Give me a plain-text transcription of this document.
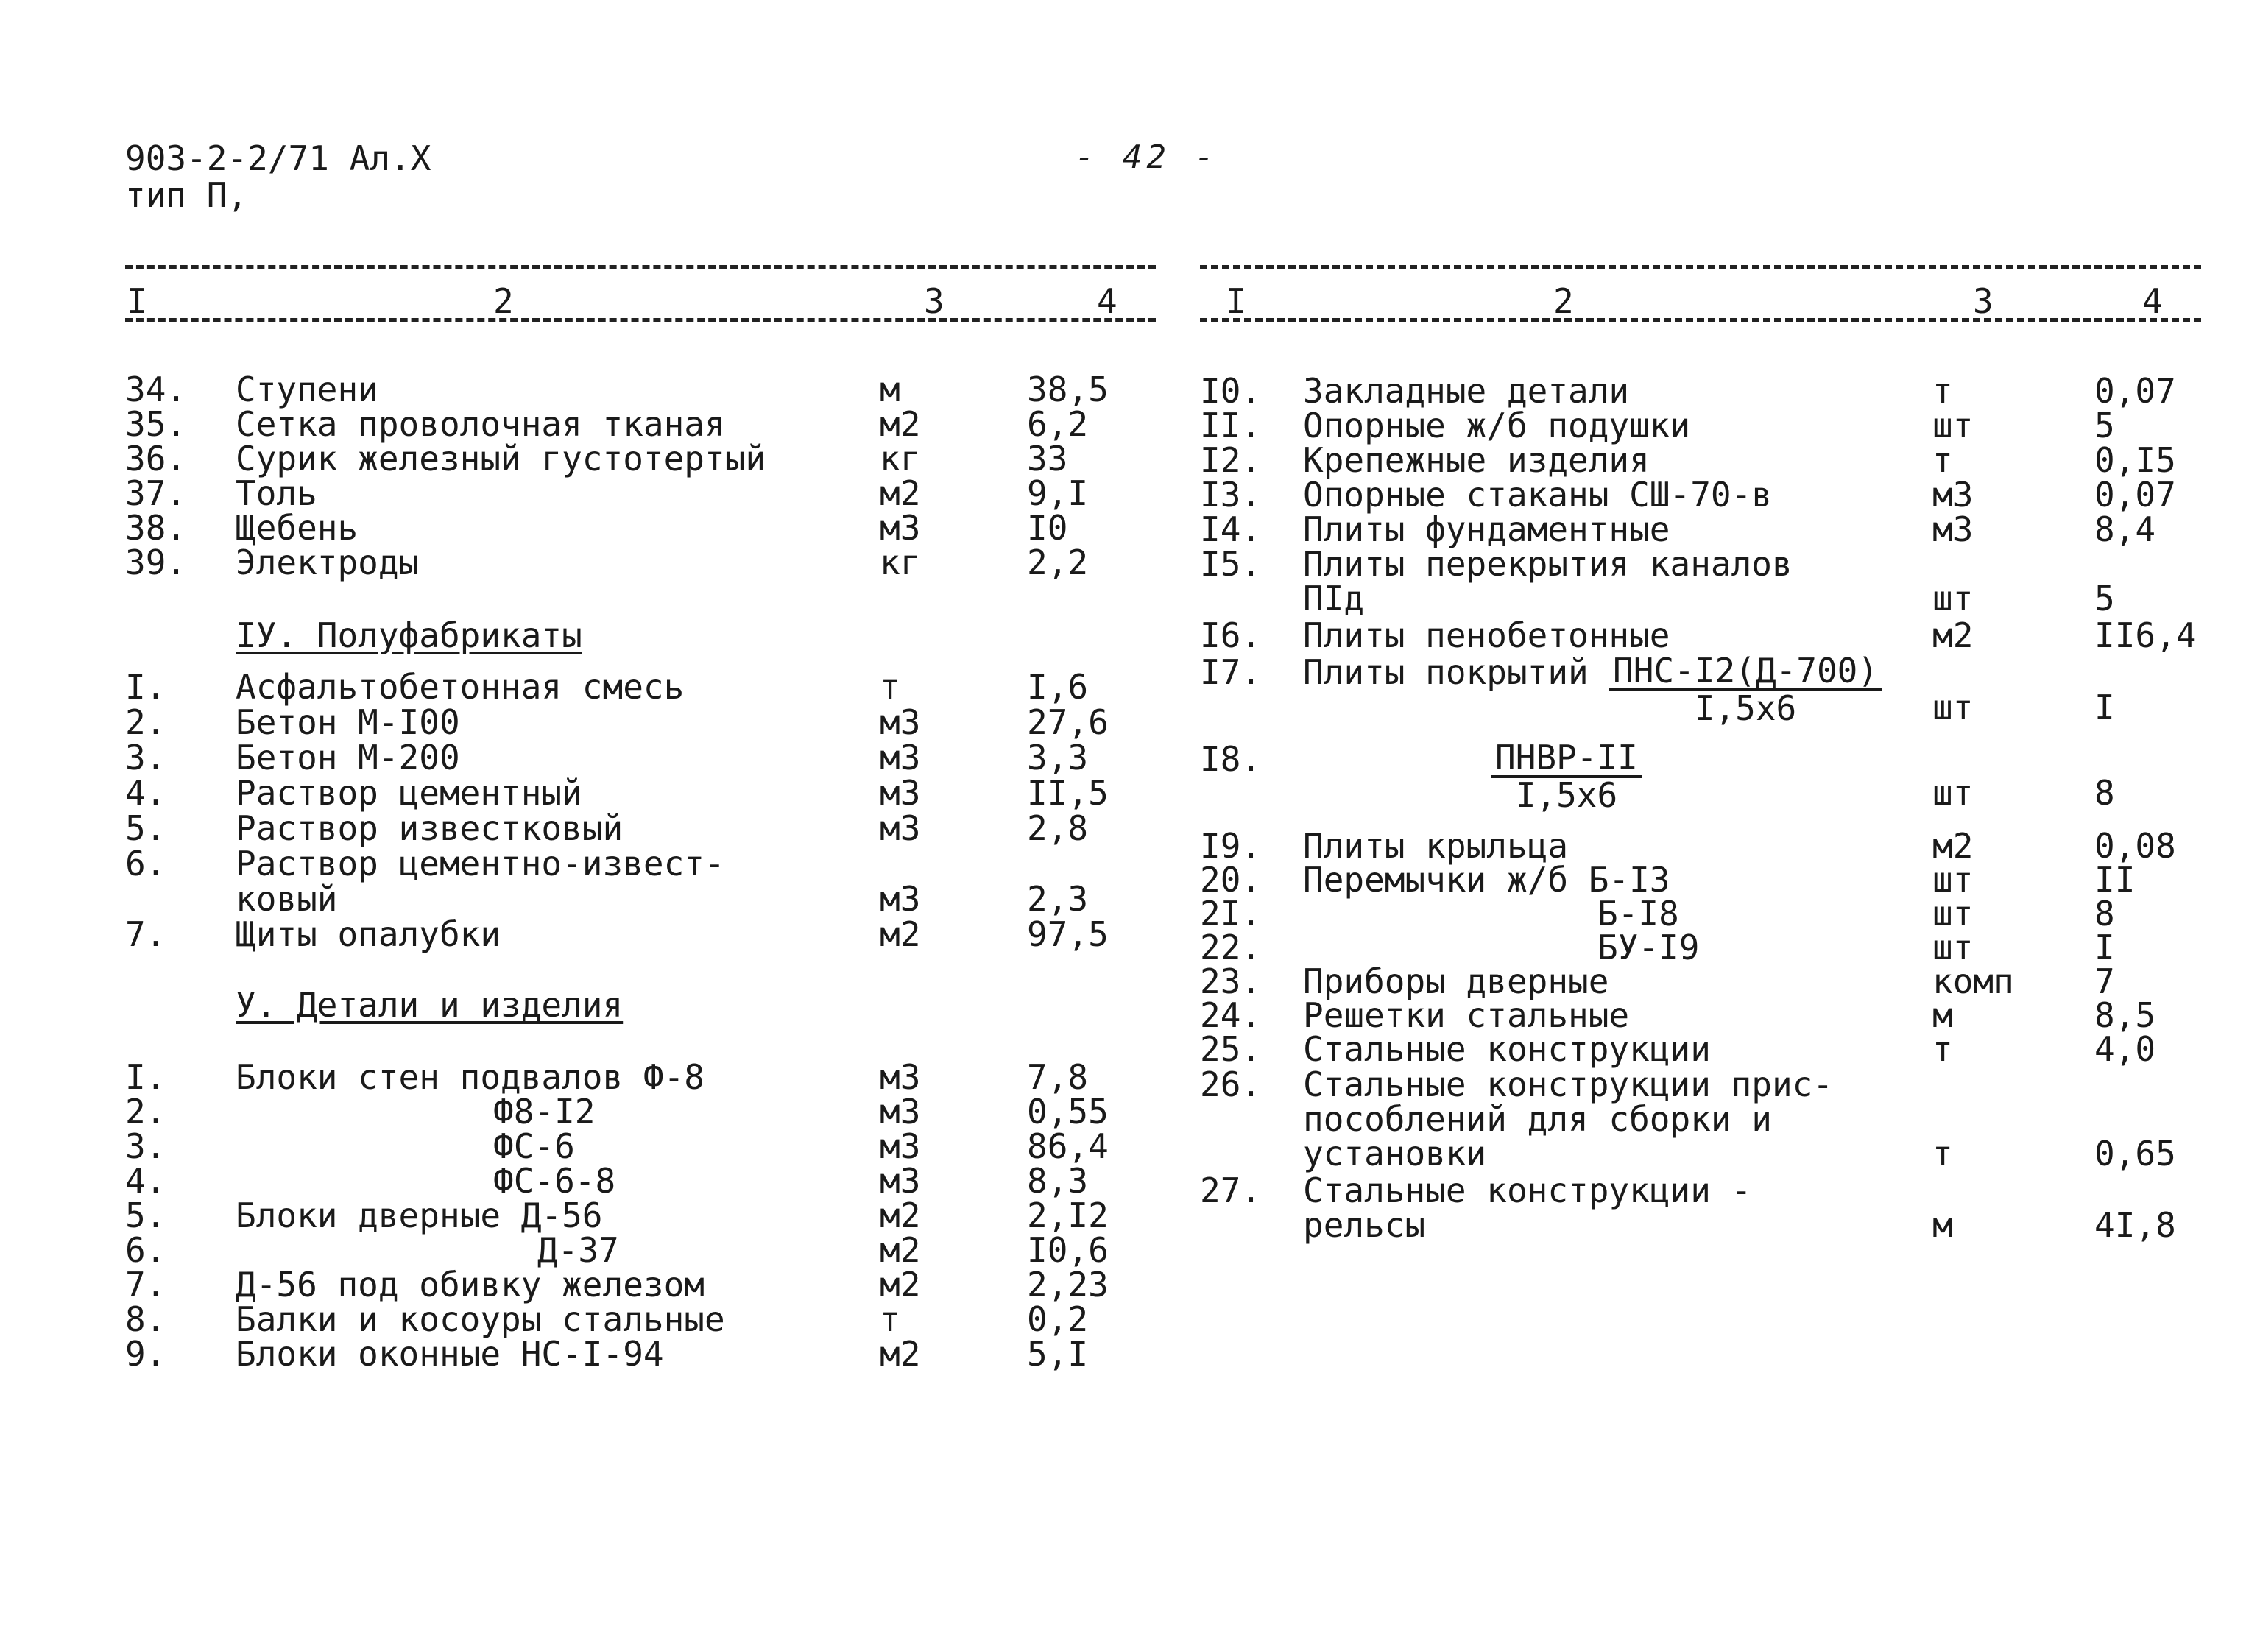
903-2-2/71 Ал.Х
тип П,
- 42 -
I	2	3	4	I	2	3	4
34. Ступени	м	38,5
35. Сетка проволочная тканая	м2	6,2
36. Сурик железный густотертый	кг	33
37. Толь	м2	9,I
38. Щебень	м3	I0
39. Электроды	кг	2,2
IУ. Полуфабрикаты
I. Асфальтобетонная смесь	т	I,6
2. Бетон М-I00	м3	27,6
3. Бетон М-200	м3	3,3
4. Раствор цементный	м3	II,5
5. Раствор известковый	м3	2,8
6. Раствор цементно-извест-
ковый	м3	2,3
7. Щиты опалубки	м2	97,5
У. Детали и изделия
I. Блоки стен подвалов Ф-8	м3	7,8
2.	Ф8-I2	м3	0,55
3.	ФС-6	м3	86,4
4.	ФС-6-8	м3	8,3
5. Блоки дверные Д-56	м2	2,I2
6.	Д-37	м2	I0,6
7. Д-56 под обивку железом	м2	2,23
8. Балки и косоуры стальные	т	0,2
9. Блоки оконные НС-I-94	м2	5,I
I0. Закладные детали	т	0,07
II. Опорные ж/б подушки	шт	5
I2. Крепежные изделия	т	0,I5
I3. Опорные стаканы СШ-70-в	м3	0,07
I4. Плиты фундаментные	м3	8,4
I5. Плиты перекрытия каналов
ПIд	шт	5
I6. Плиты пенобетонные	м2	II6,4
I7. Плиты покрытий ПНС-I2(Д-700)
I,5х6	шт	I
I8.	ПНВР-II
I,5х6	шт	8
I9. Плиты крыльца	м2	0,08
20. Перемычки ж/б Б-I3	шт	II
2I.	Б-I8	шт	8
22.	БУ-I9	шт	I
23. Приборы дверные	комп 7
24. Решетки стальные	м	8,5
25. Стальные конструкции	т	4,0
26. Стальные конструкции прис-
пособлений для сборки и
установки	т	0,65
27. Стальные конструкции -
рельсы	м	4I,8
